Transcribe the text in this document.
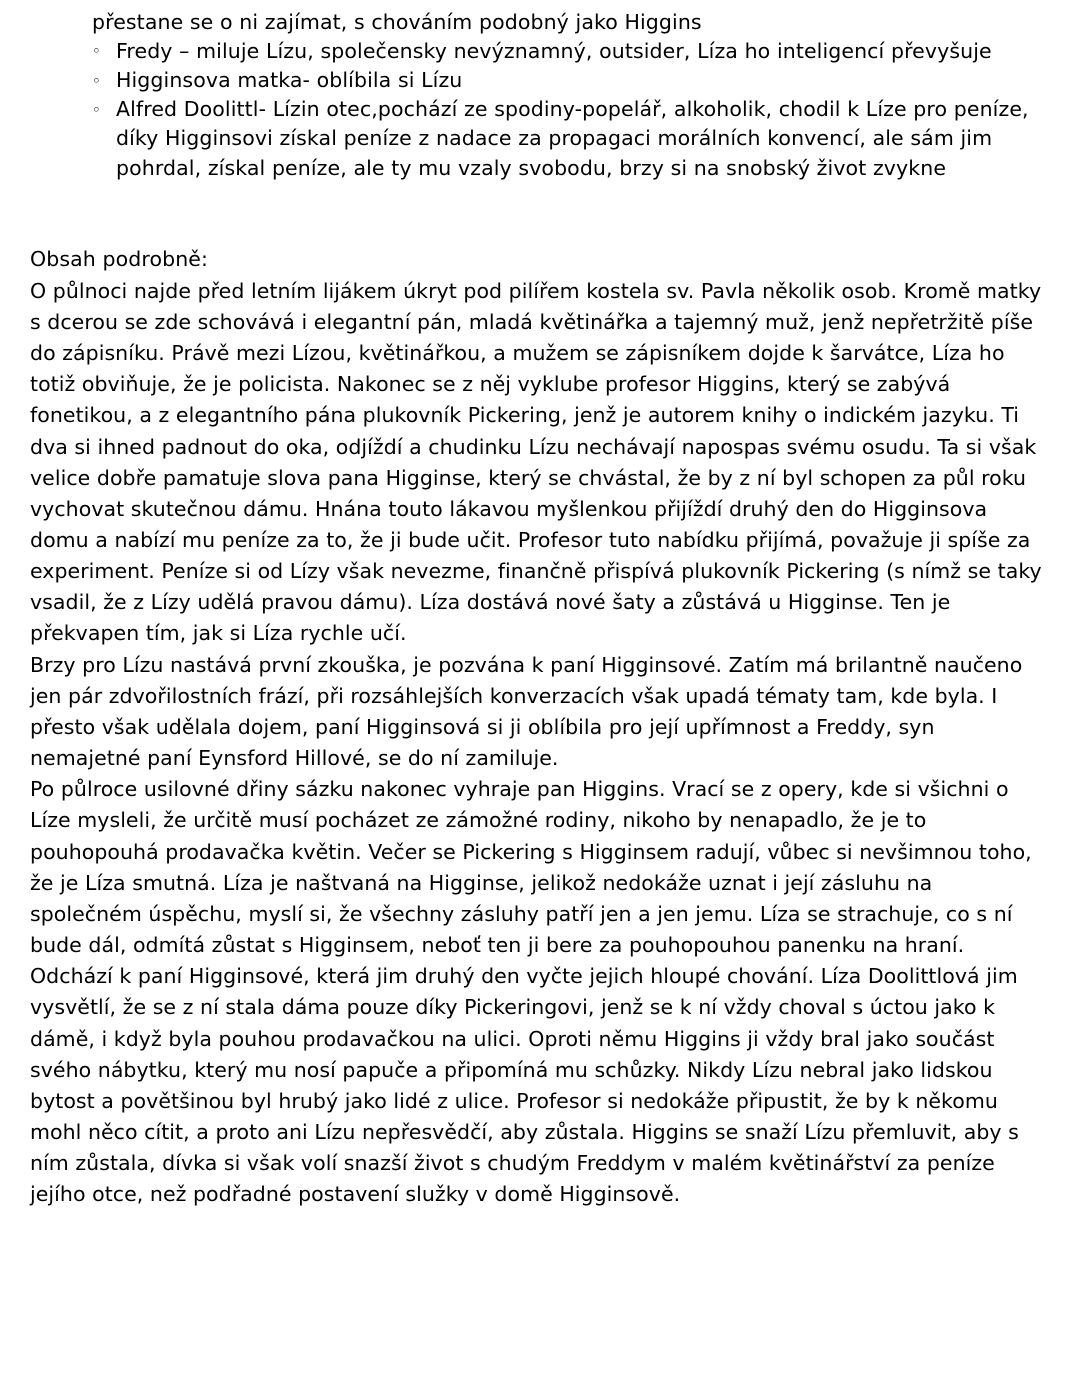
přestane se o ni zajímat, s chováním podobný jako Higgins
◦ Fredy – miluje Lízu, společensky nevýznamný, outsider, Líza ho inteligencí převyšuje
◦ Higginsova matka- oblíbila si Lízu
◦ Alfred Doolittl- Lízin otec,pochází ze spodiny-popelář, alkoholik, chodil k Líze pro peníze, díky Higginsovi získal peníze z nadace za propagaci morálních konvencí, ale sám jim pohrdal, získal peníze, ale ty mu vzaly svobodu, brzy si na snobský život zvykne
Obsah podrobně:
O půlnoci najde před letním lijákem úkryt pod pilířem kostela sv. Pavla několik osob. Kromě matky s dcerou se zde schovává i elegantní pán, mladá květinářka a tajemný muž, jenž nepřetržitě píše do zápisníku. Právě mezi Lízou, květinářkou, a mužem se zápisníkem dojde k šarvátce, Líza ho totiž obviňuje, že je policista. Nakonec se z něj vyklube profesor Higgins, který se zabývá fonetikou, a z elegantního pána plukovník Pickering, jenž je autorem knihy o indickém jazyku. Ti dva si ihned padnout do oka, odjíždí a chudinku Lízu nechávají napospas svému osudu. Ta si však velice dobře pamatuje slova pana Higginse, který se chvástal, že by z ní byl schopen za půl roku vychovat skutečnou dámu. Hnána touto lákavou myšlenkou přijíždí druhý den do Higginsova domu a nabízí mu peníze za to, že ji bude učit. Profesor tuto nabídku přijímá, považuje ji spíše za experiment. Peníze si od Lízy však nevezme, finančně přispívá plukovník Pickering (s nímž se taky vsadil, že z Lízy udělá pravou dámu). Líza dostává nové šaty a zůstává u Higginse. Ten je překvapen tím, jak si Líza rychle učí.
Brzy pro Lízu nastává první zkouška, je pozvána k paní Higginsové. Zatím má brilantně naučeno jen pár zdvořilostních frází, při rozsáhlejších konverzacích však upadá tématy tam, kde byla. I přesto však udělala dojem, paní Higginsová si ji oblíbila pro její upřímnost a Freddy, syn nemajetné paní Eynsford Hillové, se do ní zamiluje.
Po půlroce usilovné dřiny sázku nakonec vyhraje pan Higgins. Vrací se z opery, kde si všichni o Líze mysleli, že určitě musí pocházet ze zámožné rodiny, nikoho by nenapadlo, že je to pouhopouhá prodavačka květin. Večer se Pickering s Higginsem radují, vůbec si nevšimnou toho, že je Líza smutná. Líza je naštvaná na Higginse, jelikož nedokáže uznat i její zásluhu na společném úspěchu, myslí si, že všechny zásluhy patří jen a jen jemu. Líza se strachuje, co s ní bude dál, odmítá zůstat s Higginsem, neboť ten ji bere za pouhopouhou panenku na hraní. Odchází k paní Higginsové, která jim druhý den vyčte jejich hloupé chování. Líza Doolittlová jim vysvětlí, že se z ní stala dáma pouze díky Pickeringovi, jenž se k ní vždy choval s úctou jako k dámě, i když byla pouhou prodavačkou na ulici. Oproti němu Higgins ji vždy bral jako součást svého nábytku, který mu nosí papuče a připomíná mu schůzky. Nikdy Lízu nebral jako lidskou bytost a povětšinou byl hrubý jako lidé z ulice. Profesor si nedokáže připustit, že by k někomu mohl něco cítit, a proto ani Lízu nepřesvědčí, aby zůstala. Higgins se snaží Lízu přemluvit, aby s ním zůstala, dívka si však volí snazší život s chudým Freddym v malém květinářství za peníze jejího otce, než podřadné postavení služky v domě Higginsově.
